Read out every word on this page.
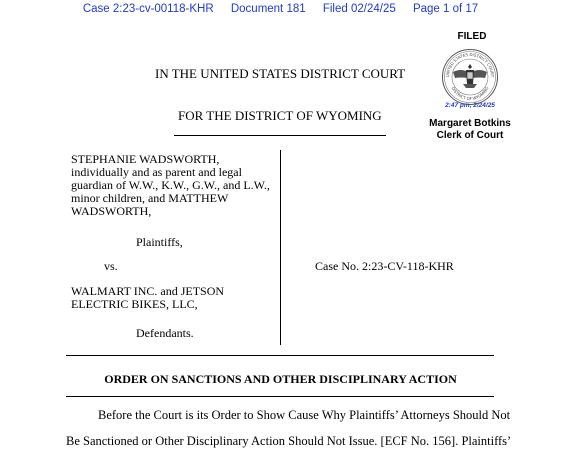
Case 2:23-cv-00118-KHR Document 181 Filed 02/24/25 Page 1 of 17
FILED
UNITED STATES DISTRICT COURT
DISTRICT OF WYOMING
2:47 pm, 2/24/25
Margaret Botkins
Clerk of Court
IN THE UNITED STATES DISTRICT COURT
FOR THE DISTRICT OF WYOMING
STEPHANIE WADSWORTH,
individually and as parent and legal
guardian of W.W., K.W., G.W., and L.W.,
minor children, and MATTHEW
WADSWORTH,
Plaintiffs,
vs.	Case No. 2:23-CV-118-KHR
WALMART INC. and JETSON
ELECTRIC BIKES, LLC,
Defendants.
ORDER ON SANCTIONS AND OTHER DISCIPLINARY ACTION
Before the Court is its Order to Show Cause Why Plaintiffs’ Attorneys Should Not
Be Sanctioned or Other Disciplinary Action Should Not Issue. [ECF No. 156]. Plaintiffs’
